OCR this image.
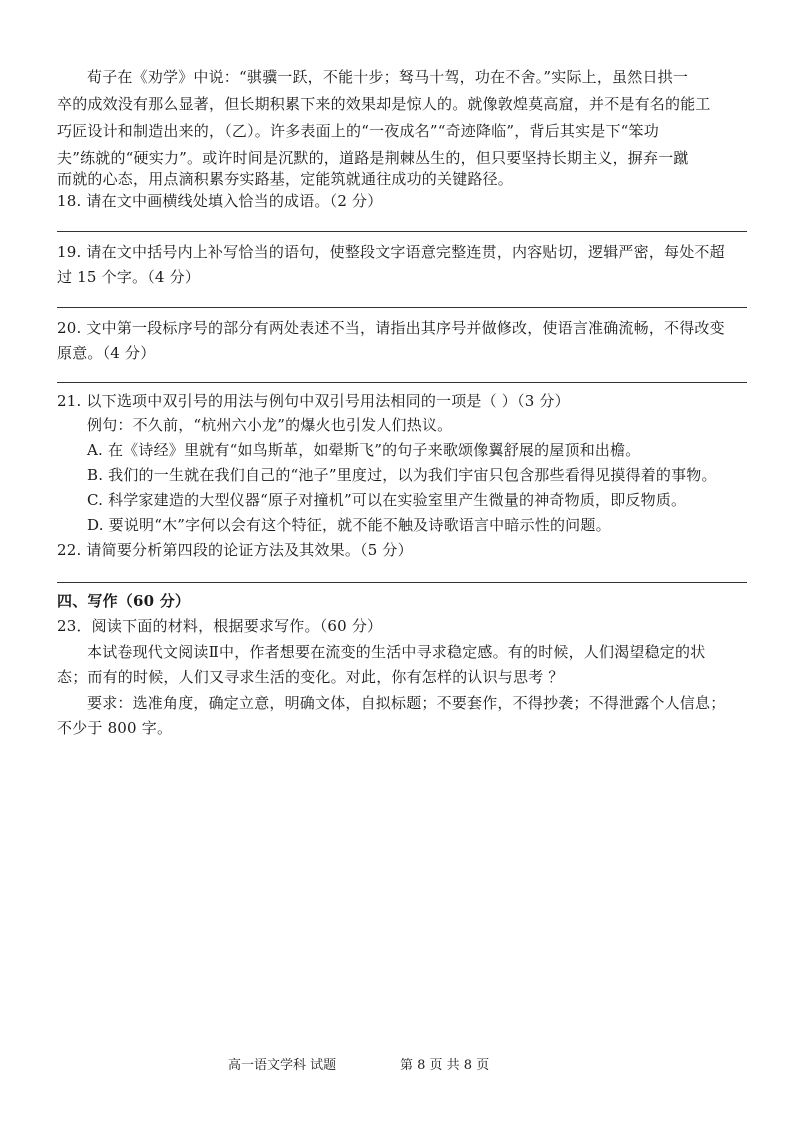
荀子在《劝学》中说：“骐骥一跃，不能十步；驽马十驾，功在不舍。”实际上，虽然日拱一
卒的成效没有那么显著，但长期积累下来的效果却是惊人的。就像敦煌莫高窟，并不是有名的能工
巧匠设计和制造出来的，（乙）。许多表面上的“一夜成名”“奇迹降临”，背后其实是下“笨功
夫”练就的“硬实力”。或许时间是沉默的，道路是荆棘丛生的，但只要坚持长期主义，摒弃一蹴
而就的心态，用点滴积累夯实路基，定能筑就通往成功的关键路径。
18. 请在文中画横线处填入恰当的成语。（2 分）
19. 请在文中括号内上补写恰当的语句，使整段文字语意完整连贯，内容贴切，逻辑严密，每处不超
过 15 个字。（4 分）
20. 文中第一段标序号的部分有两处表述不当，请指出其序号并做修改，使语言准确流畅，不得改变
原意。（4 分）
21. 以下选项中双引号的用法与例句中双引号用法相同的一项是（ ）（3 分）
例句：不久前，“杭州六小龙”的爆火也引发人们热议。
A. 在《诗经》里就有“如鸟斯革，如翚斯飞”的句子来歌颂像翼舒展的屋顶和出檐。
B. 我们的一生就在我们自己的“池子”里度过，以为我们宇宙只包含那些看得见摸得着的事物。
C. 科学家建造的大型仪器“原子对撞机”可以在实验室里产生微量的神奇物质，即反物质。
D. 要说明“木”字何以会有这个特征，就不能不触及诗歌语言中暗示性的问题。
22. 请简要分析第四段的论证方法及其效果。（5 分）
四、写作（60 分）
23．阅读下面的材料，根据要求写作。（60 分）
本试卷现代文阅读Ⅱ中，作者想要在流变的生活中寻求稳定感。有的时候，人们渴望稳定的状
态；而有的时候，人们又寻求生活的变化。对此，你有怎样的认识与思考 ？
要求：选准角度，确定立意，明确文体，自拟标题；不要套作，不得抄袭；不得泄露个人信息；
不少于 800 字。
高一语文学科 试题	第 8 页 共 8 页
